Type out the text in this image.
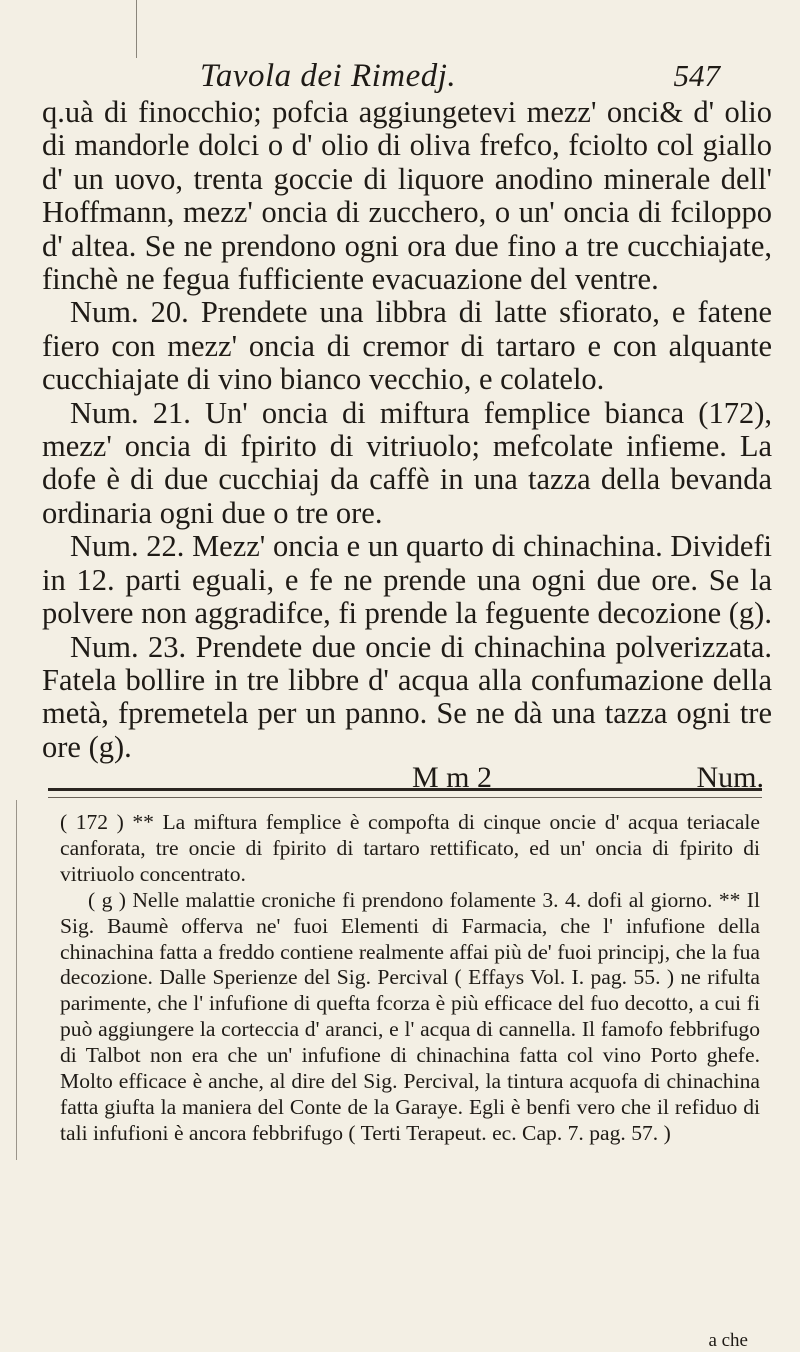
Tavola dei Rimedj.	547

q.uà di finocchio; pofcia aggiungetevi mezz' onci& d' olio di mandorle dolci o d' olio di oliva frefco, fciolto col giallo d' un uovo, trenta goccie di liquore anodino minerale dell' Hoffmann, mezz' oncia di zucchero, o un' oncia di fciloppo d' altea. Se ne prendono ogni ora due fino a tre cucchiajate, finchè ne fegua fufficiente evacuazione del ventre.

Num. 20. Prendete una libbra di latte sfiorato, e fatene fiero con mezz' oncia di cremor di tartaro e con alquante cucchiajate di vino bianco vecchio, e colatelo.

Num. 21. Un' oncia di miftura femplice bianca (172), mezz' oncia di fpirito di vitriuolo; mefcolate infieme. La dofe è di due cucchiaj da caffè in una tazza della bevanda ordinaria ogni due o tre ore.

Num. 22. Mezz' oncia e un quarto di chinachina. Dividefi in 12. parti eguali, e fe ne prende una ogni due ore. Se la polvere non aggradifce, fi prende la feguente decozione (g).

Num. 23. Prendete due oncie di chinachina polverizzata. Fatela bollire in tre libbre d' acqua alla confumazione della metà, fpremetela per un panno. Se ne dà una tazza ogni tre ore (g).

M m 2	Num.

( 172 ) ** La miftura femplice è compofta di cinque oncie d' acqua teriacale canforata, tre oncie di fpirito di tartaro rettificato, ed un' oncia di fpirito di vitriuolo concentrato.

( g ) Nelle malattie croniche fi prendono folamente 3. 4. dofi al giorno. ** Il Sig. Baumè offerva ne' fuoi Elementi di Farmacia, che l' infufione della chinachina fatta a freddo contiene realmente affai più de' fuoi principj, che la fua decozione. Dalle Sperienze del Sig. Percival ( Effays Vol. I. pag. 55. ) ne rifulta parimente, che l' infufione di quefta fcorza è più efficace del fuo decotto, a cui fi può aggiungere la corteccia d' aranci, e l' acqua di cannella. Il famofo febbrifugo di Talbot non era che un' infufione di chinachina fatta col vino Porto ghefe. Molto efficace è anche, al dire del Sig. Percival, la tintura acquofa di chinachina fatta giufta la maniera del Conte de la Garaye. Egli è benfi vero che il refiduo di tali infufioni è ancora febbrifugo ( Terti Terapeut. ec. Cap. 7. pag. 57. )

a che
